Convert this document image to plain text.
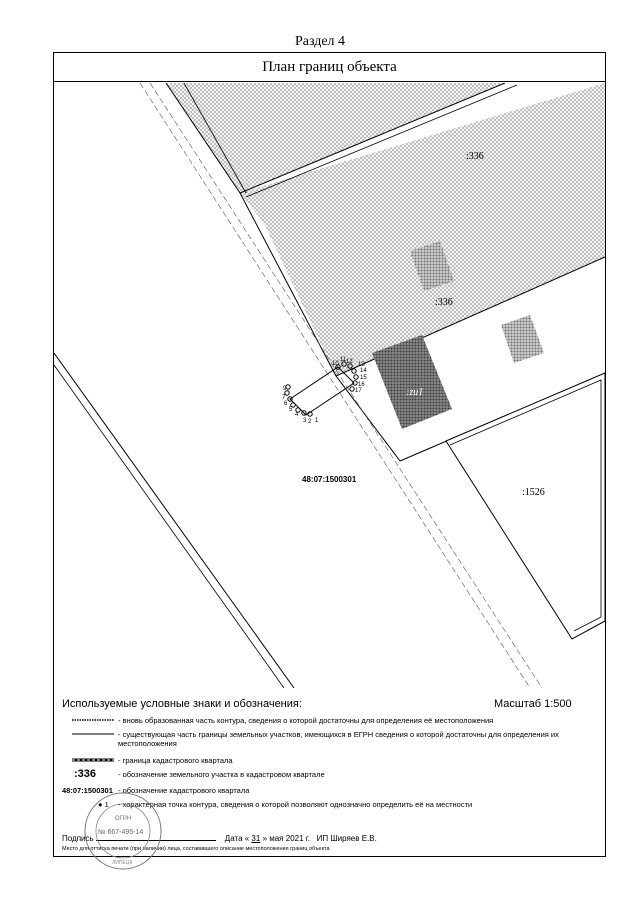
Раздел 4
План границ объекта
:zu1
1
2
3
4
5
6
7
9
10
11 12 13
14
15
16
17
:336
:336
:1526
48:07:1500301
Используемые условные знаки и обозначения:	Масштаб 1:500
- вновь образованная часть контура, сведения о которой достаточны для определения её местоположения
- существующая часть границы земельных участков, имеющихся в ЕГРН сведения о которой достаточны для определения их местоположения
- граница кадастрового квартала
:336	- обозначение земельного участка в кадастровом квартале
48:07:1500301 - обозначение кадастрового квартала
● 1 - характерная точка контура, сведения о которой позволяют однозначно определить её на местности
Подпись	Дата « 31 » мая 2021 г. ИП Ширяев Е.В.
Место для оттиска печати (при наличии) лица, составившего описание местоположения границ объекта
ОГРН
№ 667-495-14
ЛИПЕЦК
